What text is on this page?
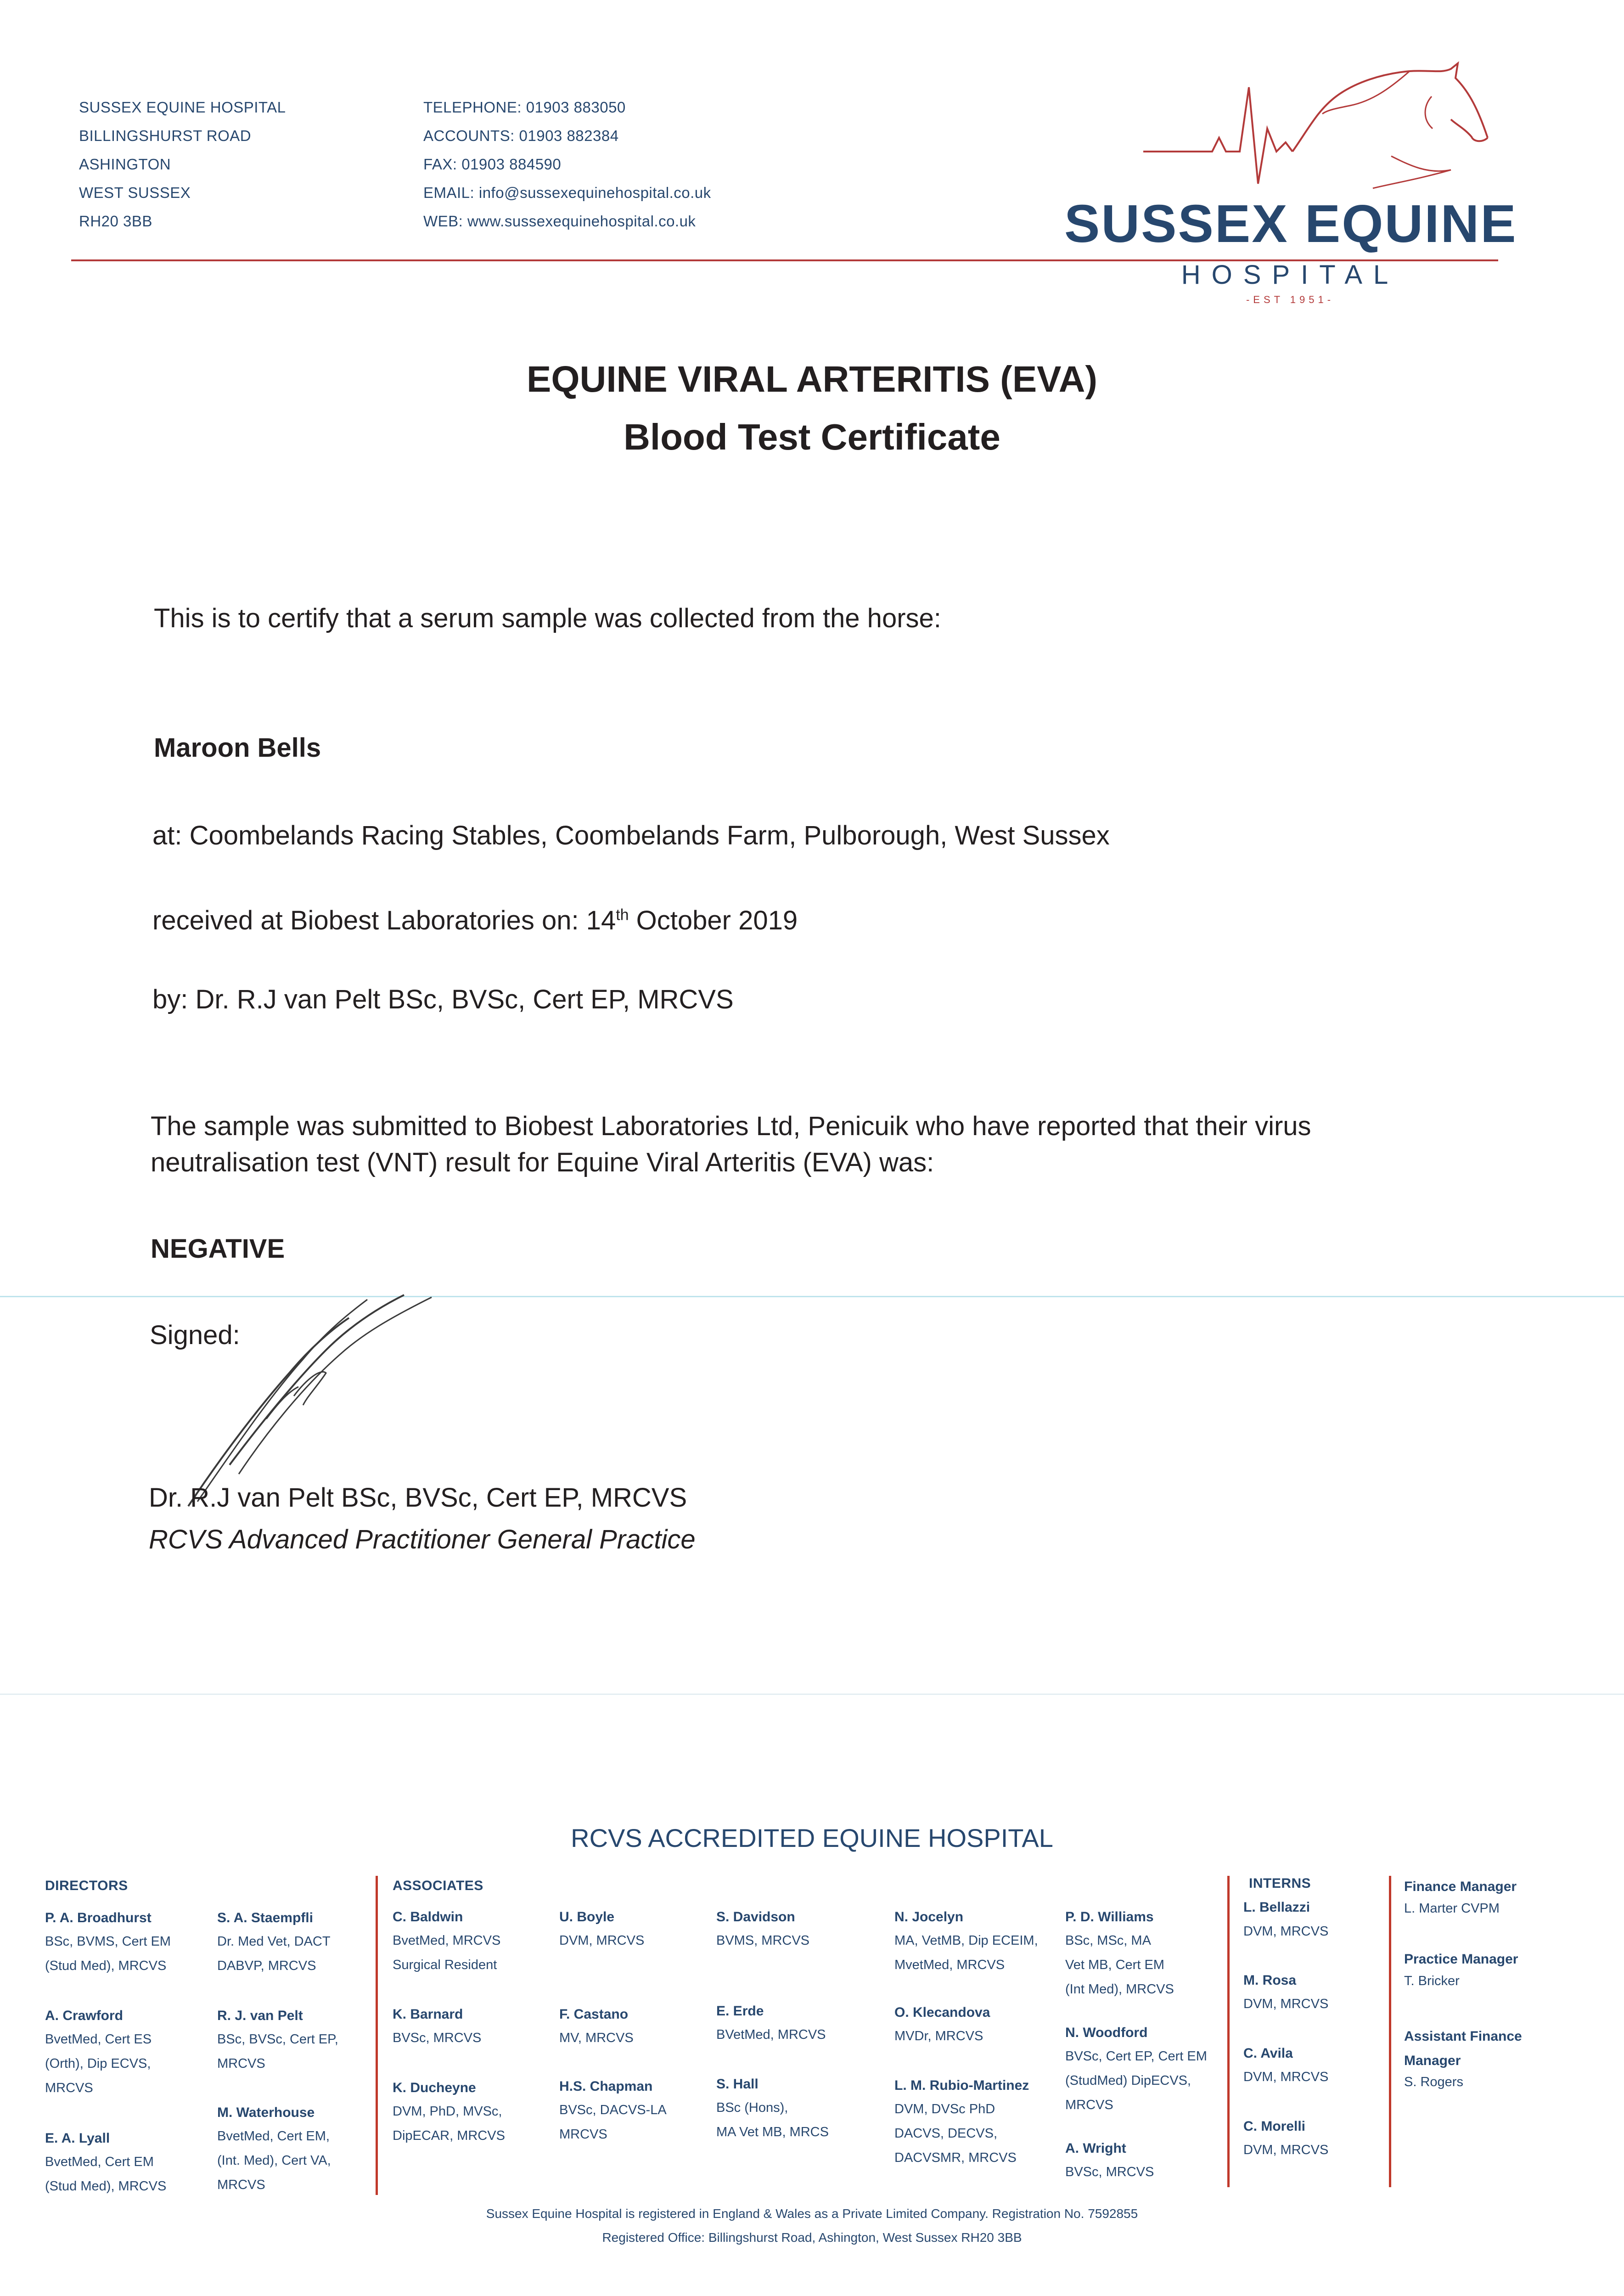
SUSSEX EQUINE HOSPITAL
BILLINGSHURST ROAD
ASHINGTON
WEST SUSSEX
RH20 3BB
TELEPHONE: 01903 883050
ACCOUNTS: 01903 882384
FAX: 01903 884590
EMAIL: info@sussexequinehospital.co.uk
WEB: www.sussexequinehospital.co.uk	SUSSEX EQUINE
HOSPITAL
-EST 1951-
EQUINE VIRAL ARTERITIS (EVA)
Blood Test Certificate
This is to certify that a serum sample was collected from the horse:
Maroon Bells
at: Coombelands Racing Stables, Coombelands Farm, Pulborough, West Sussex
received at Biobest Laboratories on: 14th October 2019
by: Dr. R.J van Pelt BSc, BVSc, Cert EP, MRCVS
The sample was submitted to Biobest Laboratories Ltd, Penicuik who have reported that their virus
neutralisation test (VNT) result for Equine Viral Arteritis (EVA) was:
NEGATIVE
Signed:
Dr. R.J van Pelt BSc, BVSc, Cert EP, MRCVS
RCVS Advanced Practitioner General Practice
RCVS ACCREDITED EQUINE HOSPITAL
DIRECTORS
P. A. Broadhurst
BSc, BVMS, Cert EM
(Stud Med), MRCVS
A. Crawford
BvetMed, Cert ES
(Orth), Dip ECVS,
MRCVS
E. A. Lyall
BvetMed, Cert EM
(Stud Med), MRCVS
S. A. Staempfli
Dr. Med Vet, DACT
DABVP, MRCVS
R. J. van Pelt
BSc, BVSc, Cert EP,
MRCVS
M. Waterhouse
BvetMed, Cert EM,
(Int. Med), Cert VA,
MRCVS
ASSOCIATES
C. Baldwin
BvetMed, MRCVS
Surgical Resident
K. Barnard
BVSc, MRCVS
K. Ducheyne
DVM, PhD, MVSc,
DipECAR, MRCVS
U. Boyle
DVM, MRCVS
F. Castano
MV, MRCVS
H.S. Chapman
BVSc, DACVS-LA
MRCVS
S. Davidson
BVMS, MRCVS
E. Erde
BVetMed, MRCVS
S. Hall
BSc (Hons),
MA Vet MB, MRCS
N. Jocelyn
MA, VetMB, Dip ECEIM,
MvetMed, MRCVS
O. Klecandova
MVDr, MRCVS
L. M. Rubio-Martinez
DVM, DVSc PhD
DACVS, DECVS,
DACVSMR, MRCVS
P. D. Williams
BSc, MSc, MA
Vet MB, Cert EM
(Int Med), MRCVS
N. Woodford
BVSc, Cert EP, Cert EM
(StudMed) DipECVS,
MRCVS
A. Wright
BVSc, MRCVS
INTERNS
L. Bellazzi
DVM, MRCVS
M. Rosa
DVM, MRCVS
C. Avila
DVM, MRCVS
C. Morelli
DVM, MRCVS
Finance Manager
L. Marter CVPM
Practice Manager
T. Bricker
Assistant Finance
Manager
S. Rogers
Sussex Equine Hospital is registered in England & Wales as a Private Limited Company. Registration No. 7592855
Registered Office: Billingshurst Road, Ashington, West Sussex RH20 3BB
